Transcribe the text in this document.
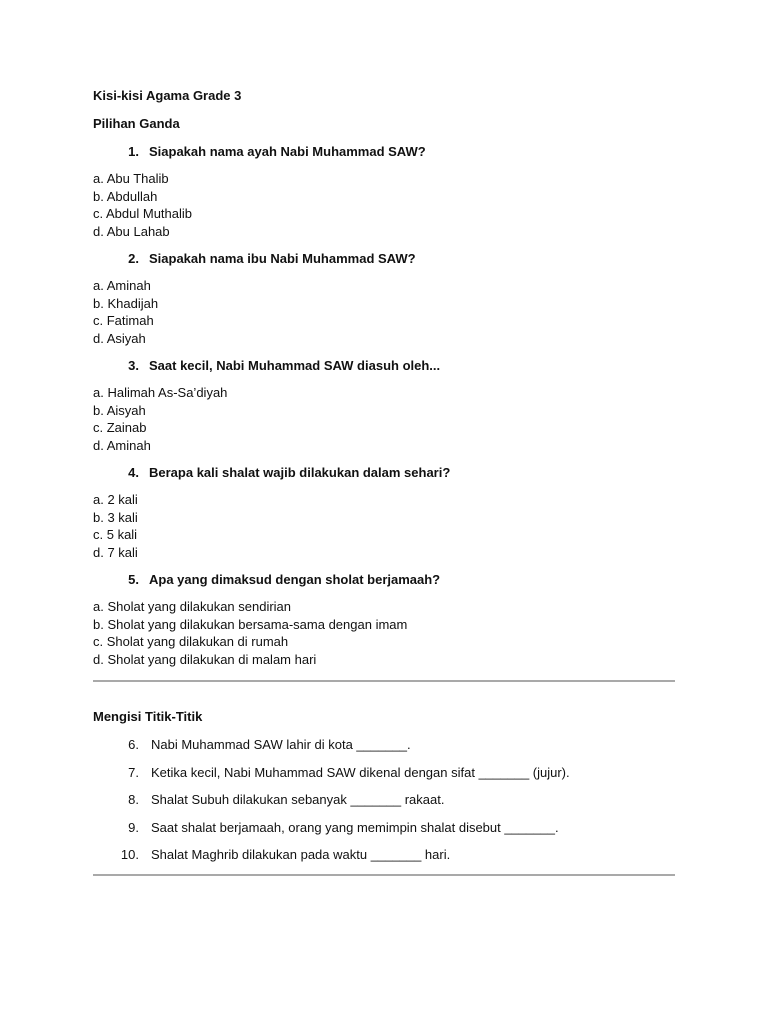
Kisi-kisi Agama Grade 3
Pilihan Ganda
1. Siapakah nama ayah Nabi Muhammad SAW?
a. Abu Thalib
b. Abdullah
c. Abdul Muthalib
d. Abu Lahab
2. Siapakah nama ibu Nabi Muhammad SAW?
a. Aminah
b. Khadijah
c. Fatimah
d. Asiyah
3. Saat kecil, Nabi Muhammad SAW diasuh oleh...
a. Halimah As-Sa’diyah
b. Aisyah
c. Zainab
d. Aminah
4. Berapa kali shalat wajib dilakukan dalam sehari?
a. 2 kali
b. 3 kali
c. 5 kali
d. 7 kali
5. Apa yang dimaksud dengan sholat berjamaah?
a. Sholat yang dilakukan sendirian
b. Sholat yang dilakukan bersama-sama dengan imam
c. Sholat yang dilakukan di rumah
d. Sholat yang dilakukan di malam hari
Mengisi Titik-Titik
6. Nabi Muhammad SAW lahir di kota _______.
7. Ketika kecil, Nabi Muhammad SAW dikenal dengan sifat _______ (jujur).
8. Shalat Subuh dilakukan sebanyak _______ rakaat.
9. Saat shalat berjamaah, orang yang memimpin shalat disebut _______.
10. Shalat Maghrib dilakukan pada waktu _______ hari.
